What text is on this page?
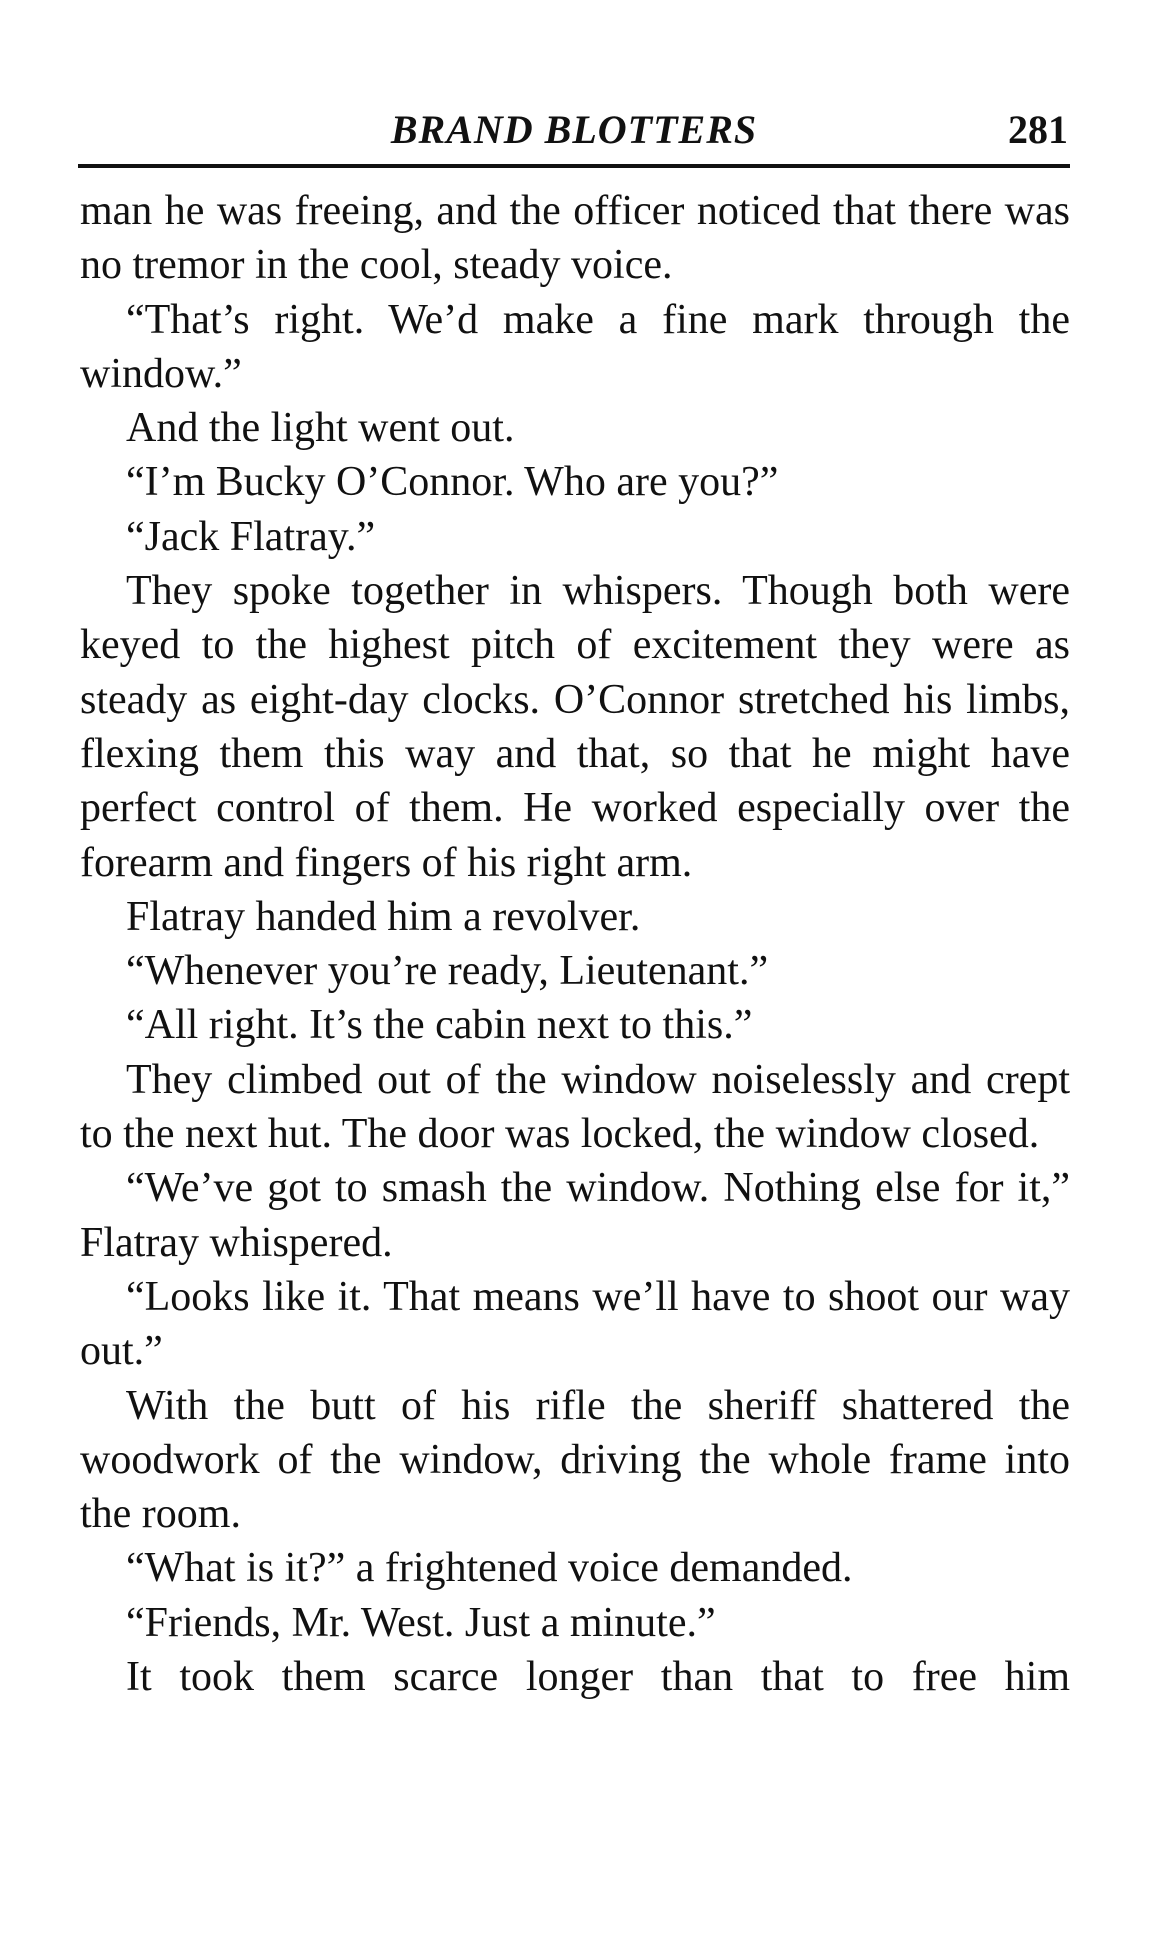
BRAND BLOTTERS	281

man he was freeing, and the officer noticed that there was no tremor in the cool, steady voice.

“That’s right. We’d make a fine mark through the window.”

And the light went out.

“I’m Bucky O’Connor. Who are you?”

“Jack Flatray.”

They spoke together in whispers. Though both were keyed to the highest pitch of excitement they were as steady as eight-day clocks. O’Connor stretched his limbs, flexing them this way and that, so that he might have perfect control of them. He worked especially over the forearm and fingers of his right arm.

Flatray handed him a revolver.

“Whenever you’re ready, Lieutenant.”

“All right. It’s the cabin next to this.”

They climbed out of the window noiselessly and crept to the next hut. The door was locked, the window closed.

“We’ve got to smash the window. Nothing else for it,” Flatray whispered.

“Looks like it. That means we’ll have to shoot our way out.”

With the butt of his rifle the sheriff shattered the woodwork of the window, driving the whole frame into the room.

“What is it?” a frightened voice demanded.

“Friends, Mr. West. Just a minute.”

It took them scarce longer than that to free him
